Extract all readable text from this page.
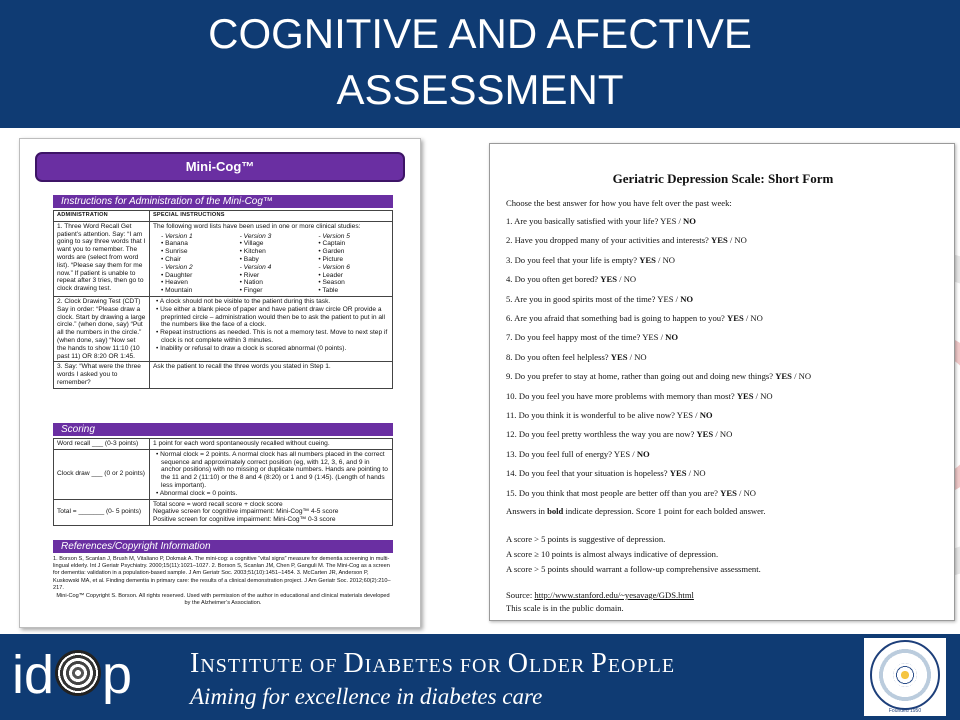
COGNITIVE AND AFECTIVE
ASSESSMENT
Mini-Cog™
Instructions for Administration of the Mini-Cog™
ADMINISTRATION	SPECIAL INSTRUCTIONS
1. Three Word Recall Get patient’s attention. Say: “I am going to say three words that I want you to remember. The words are (select from word list). “Please say them for me now.” If patient is unable to repeat after 3 tries, then go to clock drawing test.
The following word lists have been used in one or more clinical studies:
- Version 1
• Banana
• Sunrise
• Chair
- Version 3
• Village
• Kitchen
• Baby
- Version 5
• Captain
• Garden
• Picture
- Version 2
• Daughter
• Heaven
• Mountain
- Version 4
• River
• Nation
• Finger
- Version 6
• Leader
• Season
• Table
2. Clock Drawing Test (CDT) Say in order: “Please draw a clock. Start by drawing a large circle.” (when done, say) “Put all the numbers in the circle.” (when done, say) “Now set the hands to show 11:10 (10 past 11) OR 8:20 OR 1:45.
• A clock should not be visible to the patient during this task.
• Use either a blank piece of paper and have patient draw circle OR provide a preprinted circle – administration would then be to ask the patient to put in all the numbers like the face of a clock.
• Repeat instructions as needed. This is not a memory test. Move to next step if clock is not complete within 3 minutes.
• Inability or refusal to draw a clock is scored abnormal (0 points).
3. Say: “What were the three words I asked you to remember?
Ask the patient to recall the three words you stated in Step 1.
Scoring
Word recall ___ (0-3 points)	1 point for each word spontaneously recalled without cueing.
Clock draw ___ (0 or 2 points)
• Normal clock = 2 points. A normal clock has all numbers placed in the correct sequence and approximately correct position (eg, with 12, 3, 6, and 9 in anchor positions) with no missing or duplicate numbers. Hands are pointing to the 11 and 2 (11:10) or the 8 and 4 (8:20) or 1 and 9 (1:45). (Length of hands less important).
• Abnormal clock = 0 points.
Total = _______ (0- 5 points)
Total score = word recall score + clock score
Negative screen for cognitive impairment: Mini-Cog™ 4-5 score
Positive screen for cognitive impairment: Mini-Cog™ 0-3 score
References/Copyright Information
1. Borson S, Scanlan J, Brush M, Vitaliano P, Dokmak A. The mini-cog: a cognitive “vital signs” measure for dementia screening in multi-lingual elderly. Int J Geriatr Psychiatry. 2000;15(11):1021–1027. 2. Borson S, Scanlan JM, Chen P, Ganguli M. The Mini-Cog as a screen for dementia: validation in a population-based sample. J Am Geriatr Soc. 2003;51(10):1451–1454. 3. McCarten JR, Anderson P, Kuskowski MA, et al. Finding dementia in primary care: the results of a clinical demonstration project. J Am Geriatr Soc. 2012;60(2):210–217.
Mini-Cog™ Copyright S. Borson. All rights reserved. Used with permission of the author in educational and clinical materials developed by the Alzheimer’s Association.
Geriatric Depression Scale: Short Form
Choose the best answer for how you have felt over the past week:
1. Are you basically satisfied with your life? YES / NO
2. Have you dropped many of your activities and interests? YES / NO
3. Do you feel that your life is empty? YES / NO
4. Do you often get bored? YES / NO
5. Are you in good spirits most of the time? YES / NO
6. Are you afraid that something bad is going to happen to you? YES / NO
7. Do you feel happy most of the time? YES / NO
8. Do you often feel helpless? YES / NO
9. Do you prefer to stay at home, rather than going out and doing new things? YES / NO
10. Do you feel you have more problems with memory than most? YES / NO
11. Do you think it is wonderful to be alive now? YES / NO
12. Do you feel pretty worthless the way you are now? YES / NO
13. Do you feel full of energy? YES / NO
14. Do you feel that your situation is hopeless? YES / NO
15. Do you think that most people are better off than you are? YES / NO
Answers in bold indicate depression. Score 1 point for each bolded answer.
A score > 5 points is suggestive of depression.
A score ≥ 10 points is almost always indicative of depression.
A score > 5 points should warrant a follow-up comprehensive assessment.
Source: http://www.stanford.edu/~yesavage/GDS.html
This scale is in the public domain.
id p INSTITUTE OF DIABETES FOR OLDER PEOPLE
Aiming for excellence in diabetes care
Founded 1950
